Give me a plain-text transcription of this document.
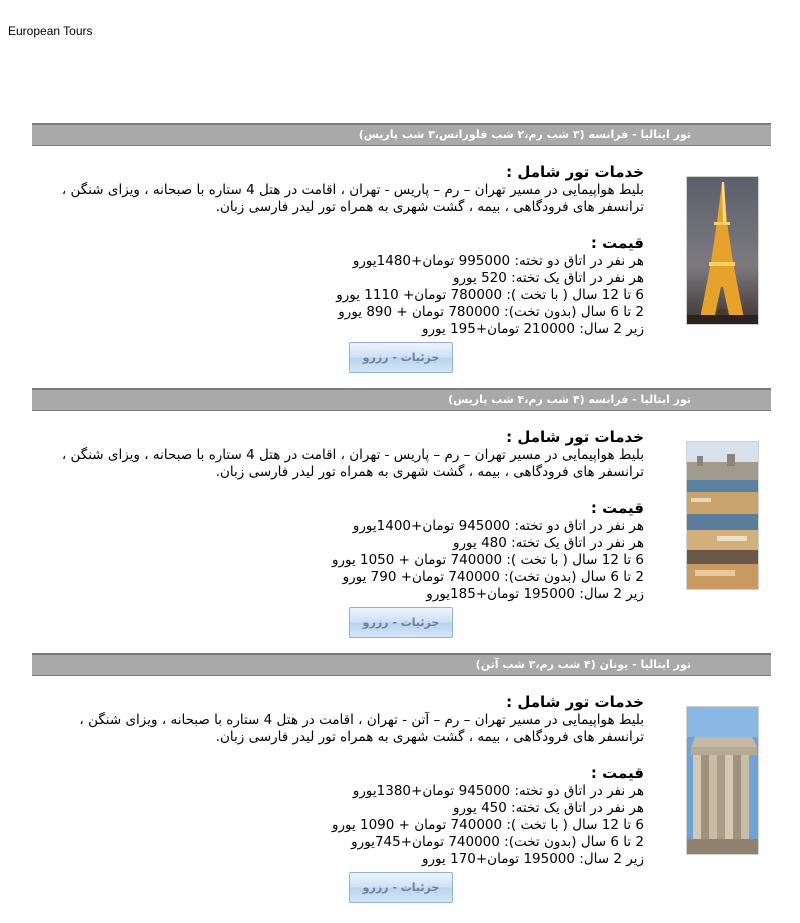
European Tours
تور ایتالیا - فرانسه (۳ شب رم،۲ شب فلورانس،۳ شب پاریس)
خدمات تور شامل :

بلیط هواپیمایی در مسیر تهران – رم – پاریس - تهران ، اقامت در هتل 4 ستاره با صبحانه ، ویزای شنگن ، ترانسفر های فرودگاهی ، بیمه ، گشت شهری به همراه تور لیدر فارسی زبان.

قیمت :
هر نفر در اتاق دو تخته: 995000 تومان+1480یورو
هر نفر در اتاق یک تخته: 520 یورو
6 تا 12 سال ( با تخت ): 780000 تومان+ 1110 یورو
2 تا 6 سال (بدون تخت): 780000 تومان + 890 یورو
زیر 2 سال: 210000 تومان+195 یورو
جزئیات - رزرو
تور ایتالیا - فرانسه (۴ شب رم،۴ شب پاریس)
خدمات تور شامل :

بلیط هواپیمایی در مسیر تهران – رم – پاریس - تهران ، اقامت در هتل 4 ستاره با صبحانه ، ویزای شنگن ، ترانسفر های فرودگاهی ، بیمه ، گشت شهری به همراه تور لیدر فارسی زبان.

قیمت :
هر نفر در اتاق دو تخته: 945000 تومان+1400یورو
هر نفر در اتاق یک تخته: 480 یورو
6 تا 12 سال ( با تخت ): 740000 تومان + 1050 یورو
2 تا 6 سال (بدون تخت): 740000 تومان+ 790 یورو
زیر 2 سال: 195000 تومان+185یورو
جزئیات - رزرو
تور ایتالیا - یونان (۴ شب رم،۳ شب آتن)
خدمات تور شامل :

بلیط هواپیمایی در مسیر تهران – رم – آتن - تهران ، اقامت در هتل 4 ستاره با صبحانه ، ویزای شنگن ، ترانسفر های فرودگاهی ، بیمه ، گشت شهری به همراه تور لیدر فارسی زبان.

قیمت :
هر نفر در اتاق دو تخته: 945000 تومان+1380یورو
هر نفر در اتاق یک تخته: 450 یورو
6 تا 12 سال ( با تخت ): 740000 تومان + 1090 یورو
2 تا 6 سال (بدون تخت): 740000 تومان+745یورو
زیر 2 سال: 195000 تومان+170 یورو
جزئیات - رزرو
